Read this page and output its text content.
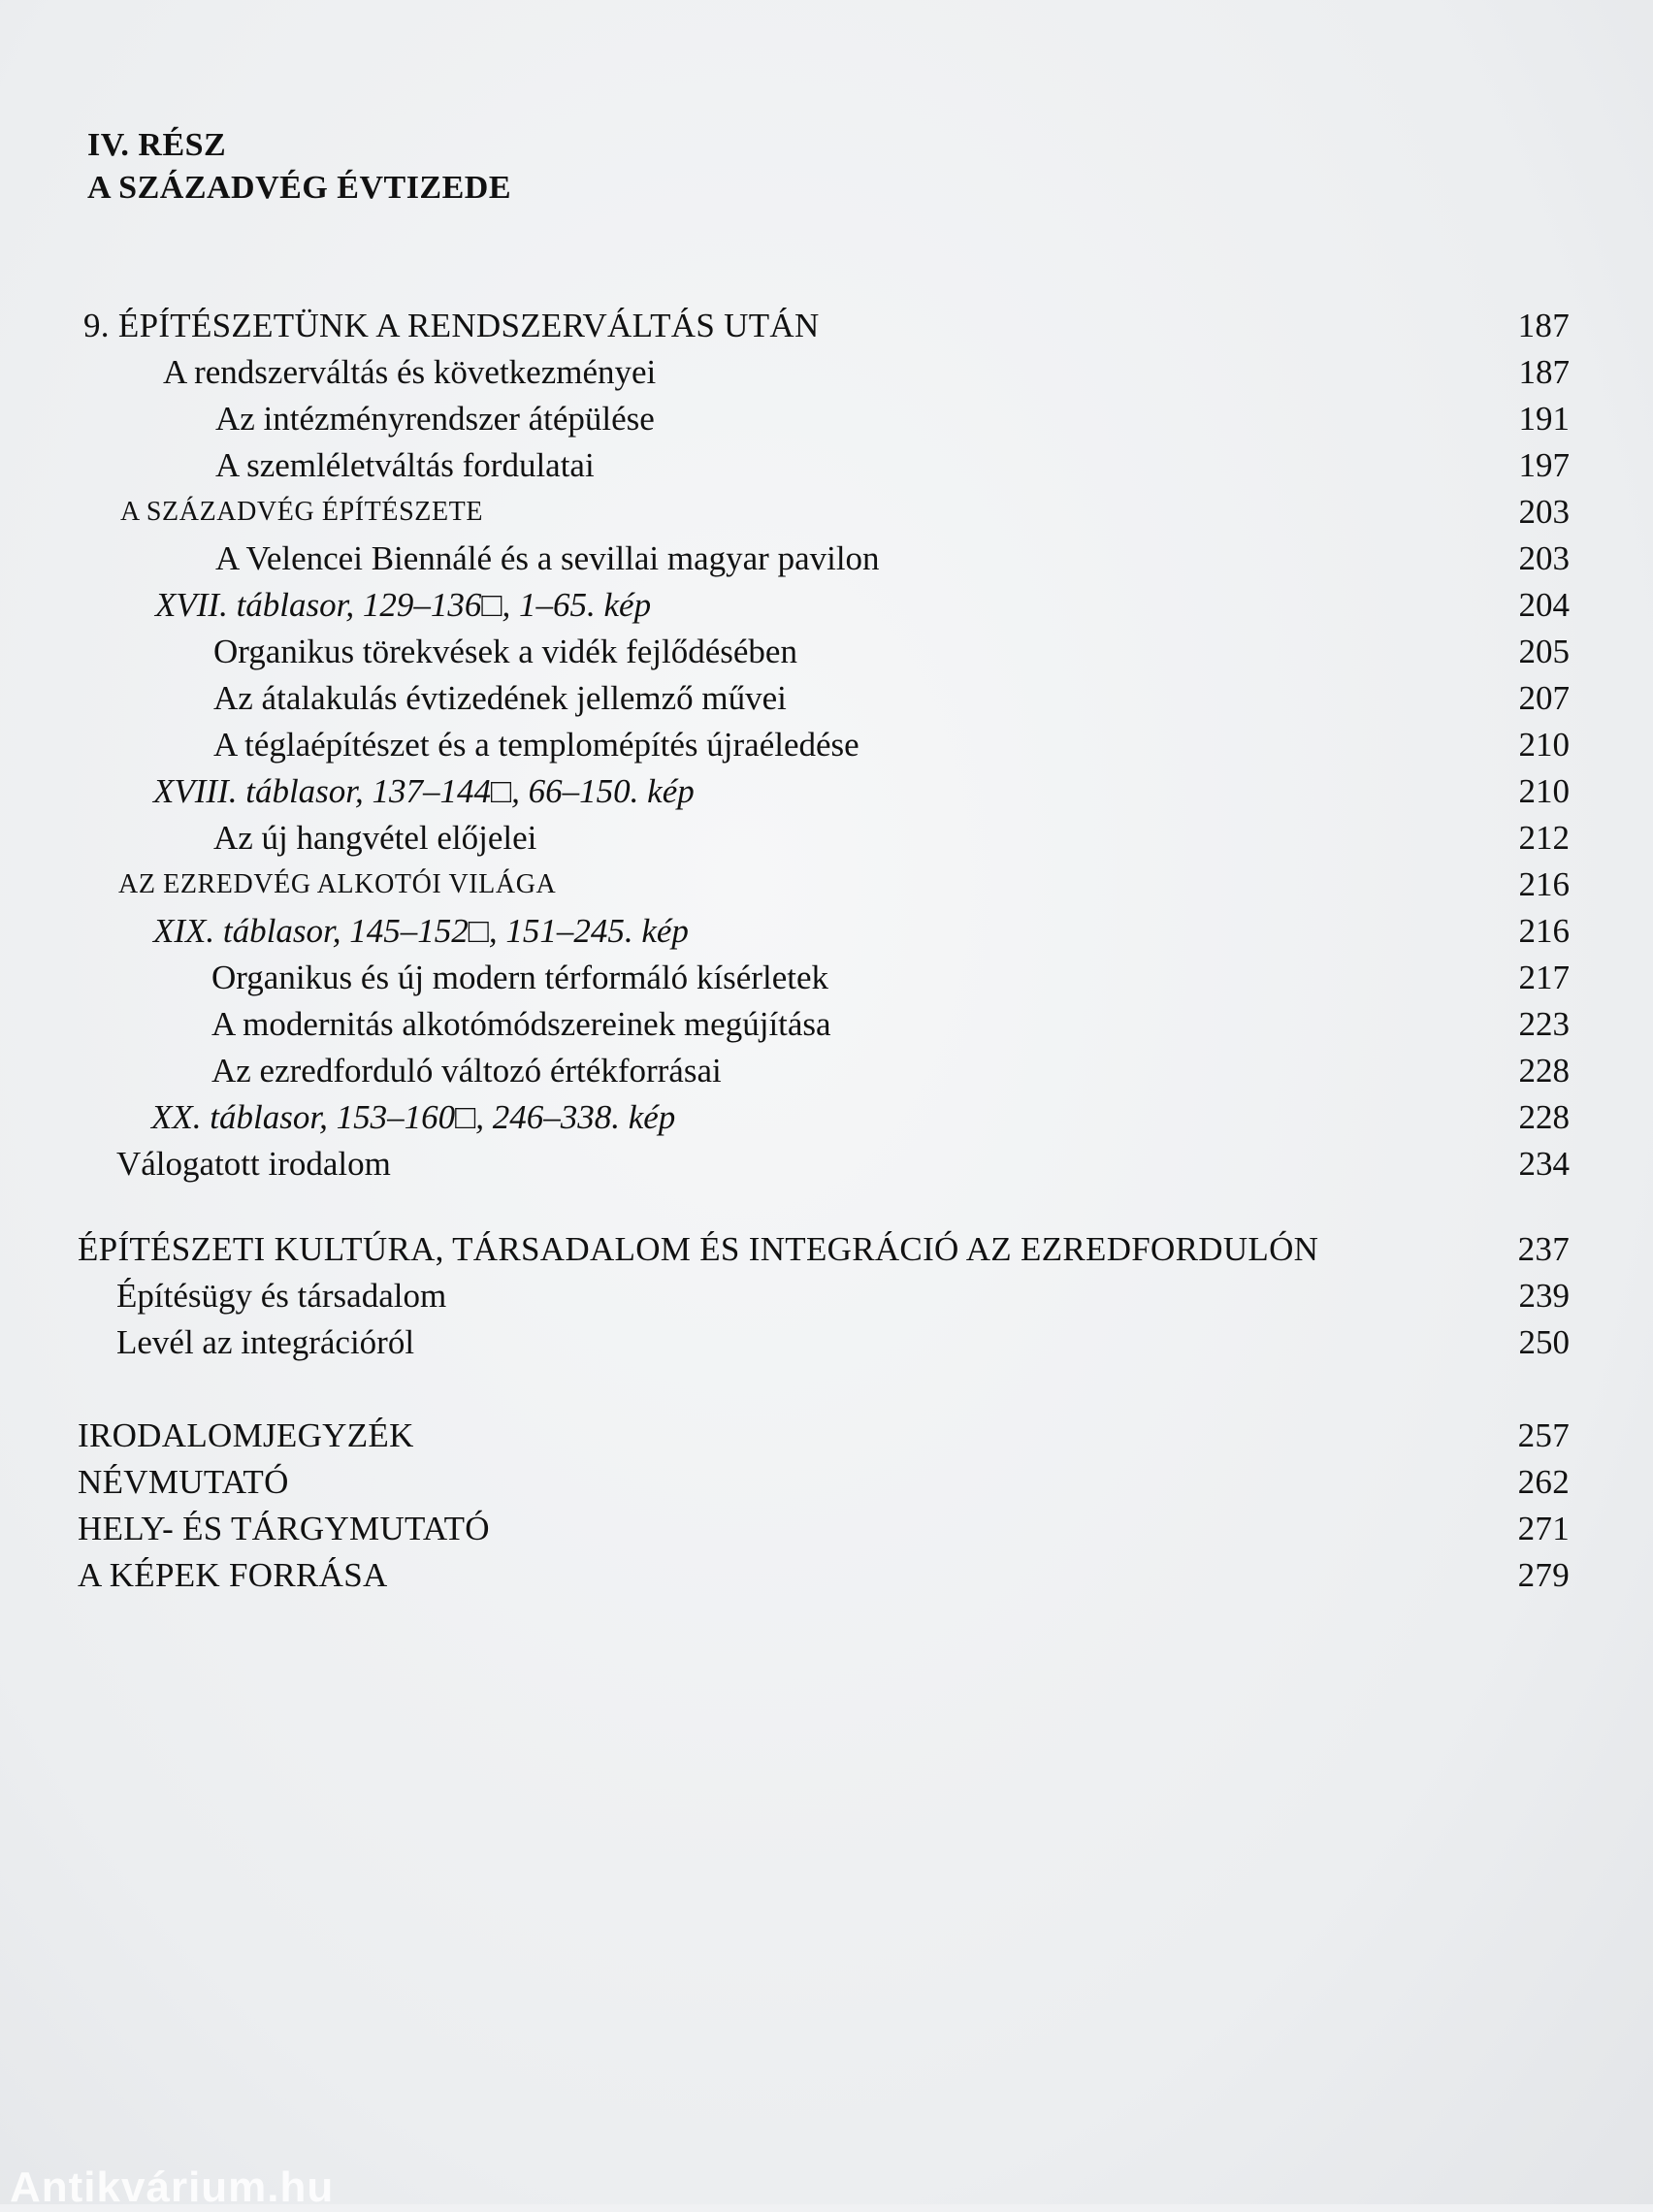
IV. RÉSZ
A SZÁZADVÉG ÉVTIZEDE
9. ÉPÍTÉSZETÜNK A RENDSZERVÁLTÁS UTÁN	187
A rendszerváltás és következményei	187
Az intézményrendszer átépülése	191
A szemléletváltás fordulatai	197
A SZÁZADVÉG ÉPÍTÉSZETE	203
A Velencei Biennálé és a sevillai magyar pavilon	203
XVII. táblasor, 129–136□, 1–65. kép	204
Organikus törekvések a vidék fejlődésében	205
Az átalakulás évtizedének jellemző művei	207
A téglaépítészet és a templomépítés újraéledése	210
XVIII. táblasor, 137–144□, 66–150. kép	210
Az új hangvétel előjelei	212
AZ EZREDVÉG ALKOTÓI VILÁGA	216
XIX. táblasor, 145–152□, 151–245. kép	216
Organikus és új modern térformáló kísérletek	217
A modernitás alkotómódszereinek megújítása	223
Az ezredforduló változó értékforrásai	228
XX. táblasor, 153–160□, 246–338. kép	228
Válogatott irodalom	234
ÉPÍTÉSZETI KULTÚRA, TÁRSADALOM ÉS INTEGRÁCIÓ AZ EZREDFORDULÓN	237
Építésügy és társadalom	239
Levél az integrációról	250
IRODALOMJEGYZÉK	257
NÉVMUTATÓ	262
HELY- ÉS TÁRGYMUTATÓ	271
A KÉPEK FORRÁSA	279
Antikvárium.hu
